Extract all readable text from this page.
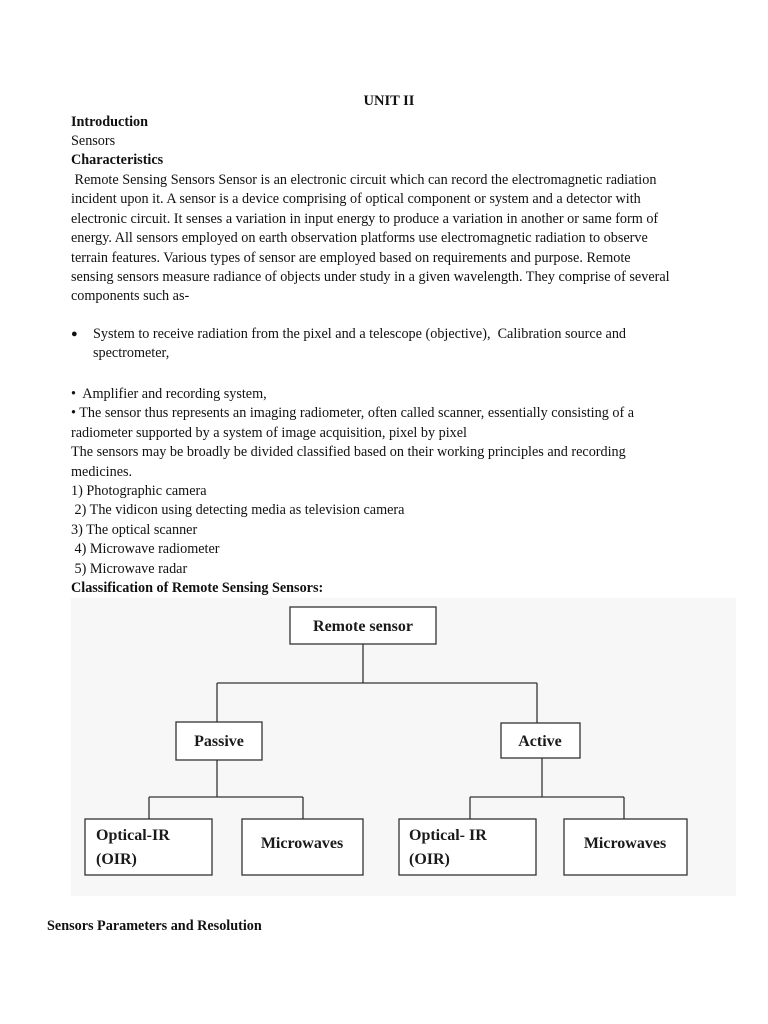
UNIT II
Introduction
Sensors
Characteristics
Remote Sensing Sensors Sensor is an electronic circuit which can record the electromagnetic radiation
incident upon it. A sensor is a device comprising of optical component or system and a detector with
electronic circuit. It senses a variation in input energy to produce a variation in another or same form of
energy. All sensors employed on earth observation platforms use electromagnetic radiation to observe
terrain features. Various types of sensor are employed based on requirements and purpose. Remote
sensing sensors measure radiance of objects under study in a given wavelength. They comprise of several
components such as-
● System to receive radiation from the pixel and a telescope (objective),  Calibration source and
spectrometer,
•  Amplifier and recording system,
• The sensor thus represents an imaging radiometer, often called scanner, essentially consisting of a
radiometer supported by a system of image acquisition, pixel by pixel
The sensors may be broadly be divided classified based on their working principles and recording
medicines.
1) Photographic camera
2) The vidicon using detecting media as television camera
3) The optical scanner
4) Microwave radiometer
5) Microwave radar
Classification of Remote Sensing Sensors:
Remote sensor
Passive	Active
Optical-IR
(OIR)
Microwaves	Optical- IR
(OIR)
Microwaves
Sensors Parameters and Resolution
